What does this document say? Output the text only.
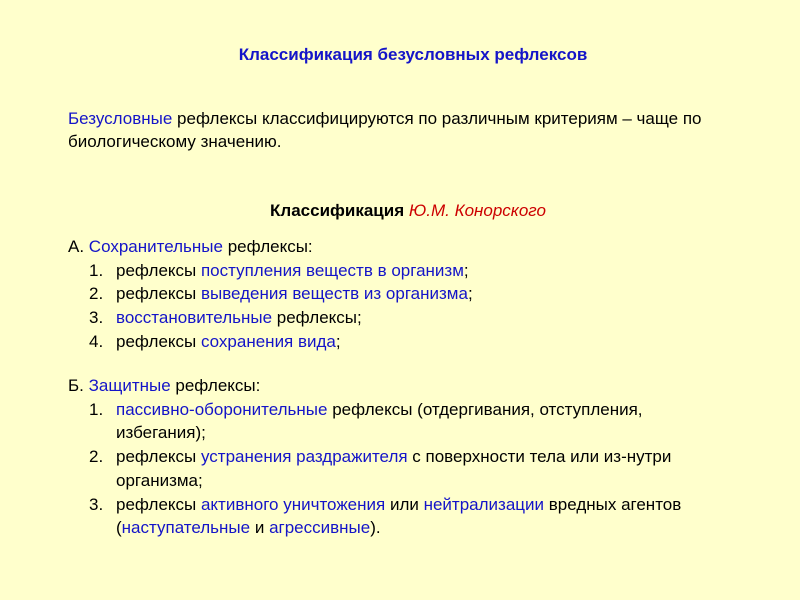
Классификация безусловных рефлексов
Безусловные рефлексы классифицируются по различным критериям – чаще по биологическому значению.
Классификация Ю.М. Конорского
А. Сохранительные рефлексы:
1. рефлексы поступления веществ в организм;
2. рефлексы выведения веществ из организма;
3. восстановительные рефлексы;
4. рефлексы сохранения вида;
Б. Защитные рефлексы:
1. пассивно-оборонительные рефлексы (отдергивания, отступления, избегания);
2. рефлексы устранения раздражителя с поверхности тела или из-нутри организма;
3. рефлексы активного уничтожения или нейтрализации вредных агентов (наступательные и агрессивные).
